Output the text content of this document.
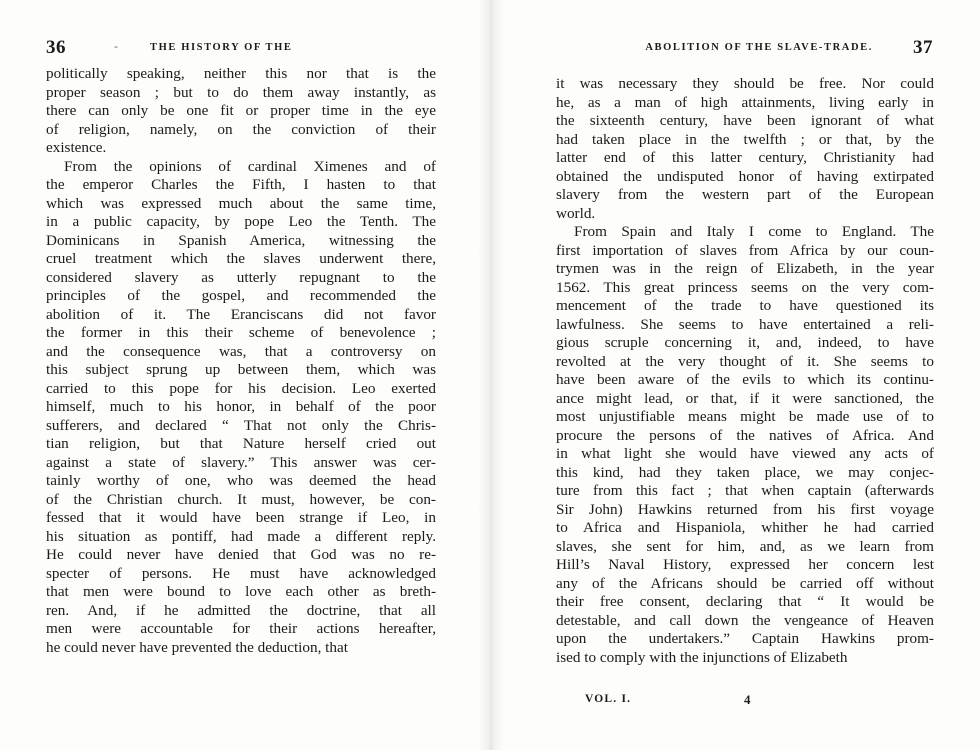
36	-	THE HISTORY OF THE
politically speaking, neither this nor that is the
proper season ; but to do them away instantly, as
there can only be one fit or proper time in the eye
of religion, namely, on the conviction of their
existence.
From the opinions of cardinal Ximenes and of
the emperor Charles the Fifth, I hasten to that
which was expressed much about the same time,
in a public capacity, by pope Leo the Tenth. The
Dominicans in Spanish America, witnessing the
cruel treatment which the slaves underwent there,
considered slavery as utterly repugnant to the
principles of the gospel, and recommended the
abolition of it. The Eranciscans did not favor
the former in this their scheme of benevolence ;
and the consequence was, that a controversy on
this subject sprung up between them, which was
carried to this pope for his decision. Leo exerted
himself, much to his honor, in behalf of the poor
sufferers, and declared “ That not only the Chris-
tian religion, but that Nature herself cried out
against a state of slavery.” This answer was cer-
tainly worthy of one, who was deemed the head
of the Christian church. It must, however, be con-
fessed that it would have been strange if Leo, in
his situation as pontiff, had made a different reply.
He could never have denied that God was no re-
specter of persons. He must have acknowledged
that men were bound to love each other as breth-
ren. And, if he admitted the doctrine, that all
men were accountable for their actions hereafter,
he could never have prevented the deduction, that
ABOLITION OF THE SLAVE-TRADE. 37
it was necessary they should be free. Nor could
he, as a man of high attainments, living early in
the sixteenth century, have been ignorant of what
had taken place in the twelfth ; or that, by the
latter end of this latter century, Christianity had
obtained the undisputed honor of having extirpated
slavery from the western part of the European
world.
From Spain and Italy I come to England. The
first importation of slaves from Africa by our coun-
trymen was in the reign of Elizabeth, in the year
1562. This great princess seems on the very com-
mencement of the trade to have questioned its
lawfulness. She seems to have entertained a reli-
gious scruple concerning it, and, indeed, to have
revolted at the very thought of it. She seems to
have been aware of the evils to which its continu-
ance might lead, or that, if it were sanctioned, the
most unjustifiable means might be made use of to
procure the persons of the natives of Africa. And
in what light she would have viewed any acts of
this kind, had they taken place, we may conjec-
ture from this fact ; that when captain (afterwards
Sir John) Hawkins returned from his first voyage
to Africa and Hispaniola, whither he had carried
slaves, she sent for him, and, as we learn from
Hill’s Naval History, expressed her concern lest
any of the Africans should be carried off without
their free consent, declaring that “ It would be
detestable, and call down the vengeance of Heaven
upon the undertakers.” Captain Hawkins prom-
ised to comply with the injunctions of Elizabeth
VOL. I.	4
